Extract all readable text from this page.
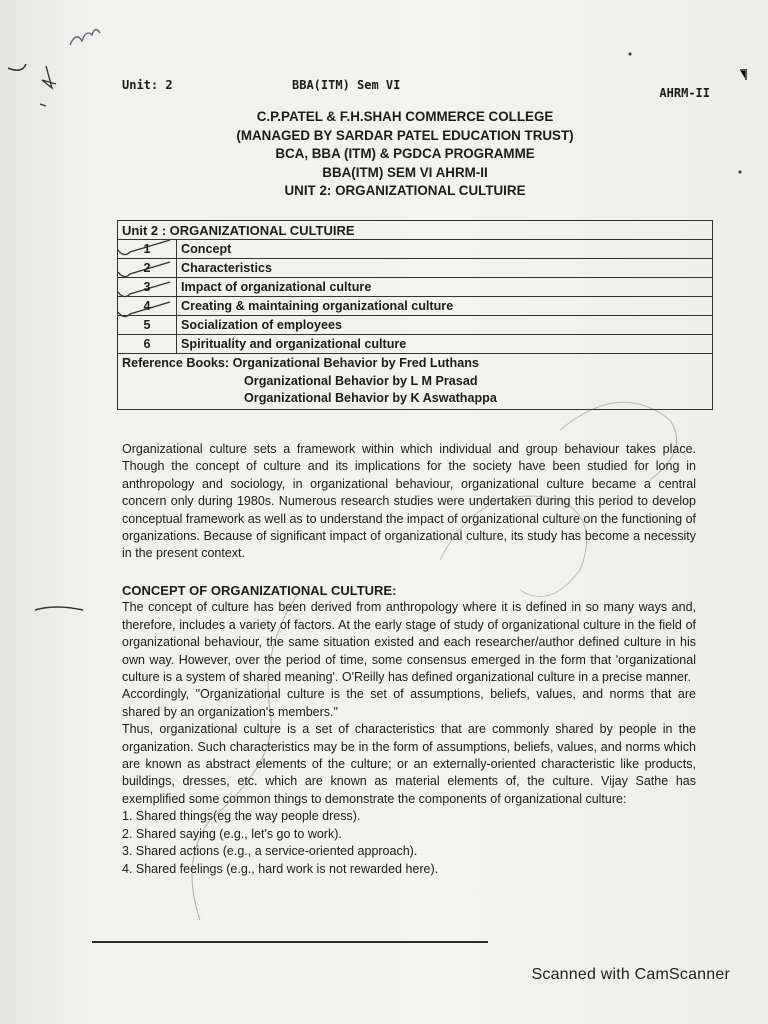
Unit: 2	BBA(ITM) Sem VI
AHRM-II
C.P.PATEL & F.H.SHAH COMMERCE COLLEGE
(MANAGED BY SARDAR PATEL EDUCATION TRUST)
BCA, BBA (ITM) & PGDCA PROGRAMME
BBA(ITM) SEM VI AHRM-II
UNIT 2: ORGANIZATIONAL CULTUIRE
Unit 2 : ORGANIZATIONAL CULTUIRE	
1	Concept
2	Characteristics
3	Impact of organizational culture
4	Creating & maintaining organizational culture
5	Socialization of employees
6	Spirituality and organizational culture

Reference Books: Organizational Behavior by Fred Luthans
Organizational Behavior by L M Prasad
Organizational Behavior by K Aswathappa	

Organizational culture sets a framework within which individual and group behaviour takes place. Though the concept of culture and its implications for the society have been studied for long in anthropology and sociology, in organizational behaviour, organizational culture became a central concern only during 1980s. Numerous research studies were undertaken during this period to develop conceptual framework as well as to understand the impact of organizational culture on the functioning of organizations. Because of significant impact of organizational culture, its study has become a necessity in the present context.

CONCEPT OF ORGANIZATIONAL CULTURE:

The concept of culture has been derived from anthropology where it is defined in so many ways and, therefore, includes a variety of factors. At the early stage of study of organizational culture in the field of organizational behaviour, the same situation existed and each researcher/author defined culture in his own way. However, over the period of time, some consensus emerged in the form that 'organizational culture is a system of shared meaning'. O'Reilly has defined organizational culture in a precise manner.

Accordingly, "Organizational culture is the set of assumptions, beliefs, values, and norms that are shared by an organization's members."

Thus, organizational culture is a set of characteristics that are commonly shared by people in the organization. Such characteristics may be in the form of assumptions, beliefs, values, and norms which are known as abstract elements of the culture; or an externally-oriented characteristic like products, buildings, dresses, etc. which are known as material elements of, the culture. Vijay Sathe has exemplified some common things to demonstrate the components of organizational culture:

1. Shared things(eg the way people dress).
2. Shared saying (e.g., let's go to work).
3. Shared actions (e.g., a service-oriented approach).
4. Shared feelings (e.g., hard work is not rewarded here).
Scanned with CamScanner
